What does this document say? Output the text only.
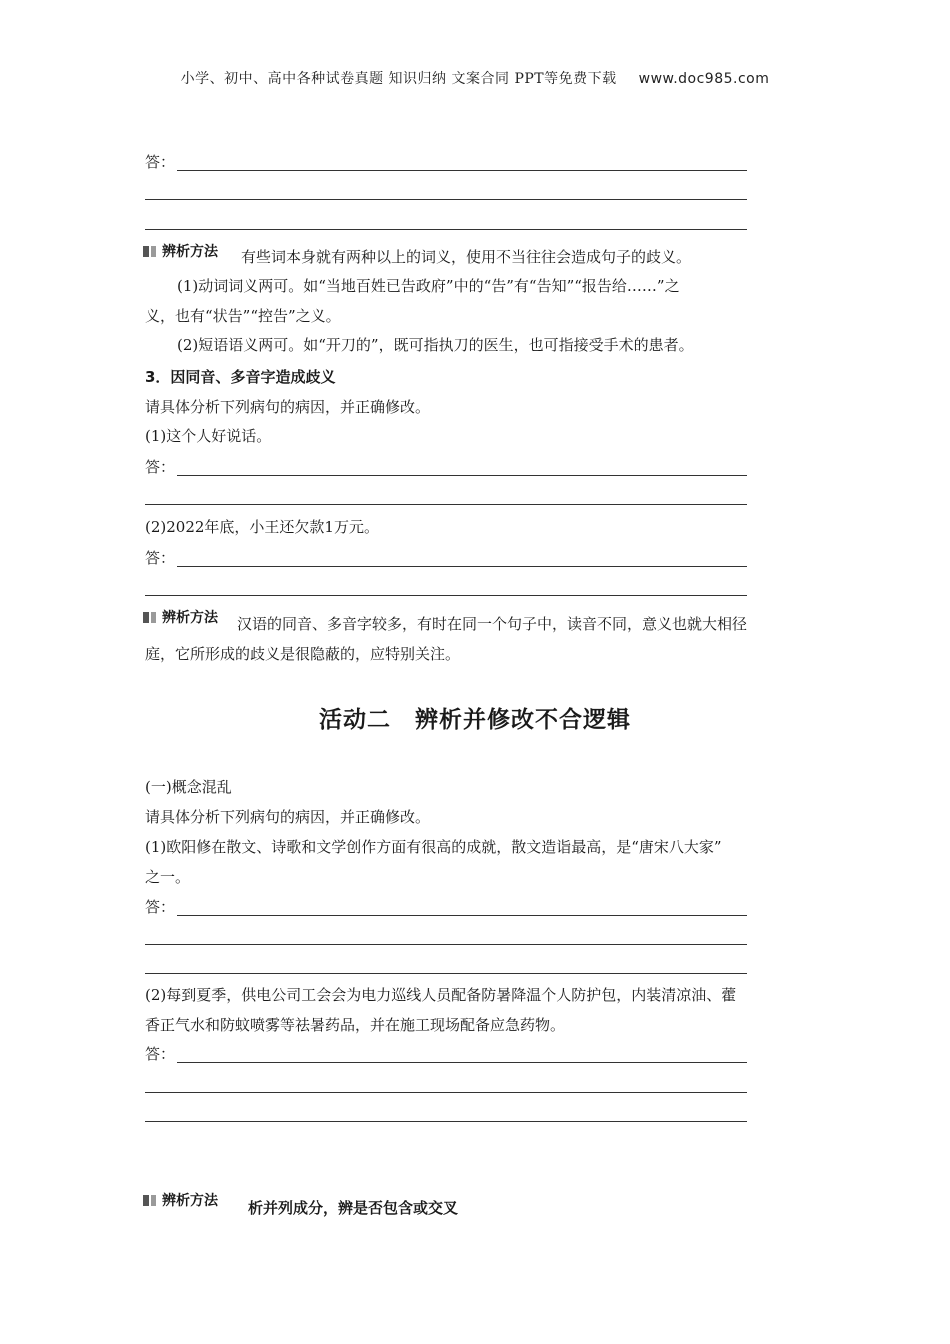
小学、初中、高中各种试卷真题 知识归纳 文案合同 PPT等免费下载 www.doc985.com
答：
辨析方法 有些词本身就有两种以上的词义，使用不当往往会造成句子的歧义。
(1)动词词义两可。如“当地百姓已告政府”中的“告”有“告知”“报告给……”之
义，也有“状告”“控告”之义。
(2)短语语义两可。如“开刀的”，既可指执刀的医生，也可指接受手术的患者。
3．因同音、多音字造成歧义
请具体分析下列病句的病因，并正确修改。
(1)这个人好说话。
答：
(2)2022年底，小王还欠款1万元。
答：
辨析方法 汉语的同音、多音字较多，有时在同一个句子中，读音不同，意义也就大相径
庭，它所形成的歧义是很隐蔽的，应特别关注。
活动二　辨析并修改不合逻辑
(一)概念混乱
请具体分析下列病句的病因，并正确修改。
(1)欧阳修在散文、诗歌和文学创作方面有很高的成就，散文造诣最高，是“唐宋八大家”
之一。
答：
(2)每到夏季，供电公司工会会为电力巡线人员配备防暑降温个人防护包，内装清凉油、藿
香正气水和防蚊喷雾等祛暑药品，并在施工现场配备应急药物。
答：
辨析方法 析并列成分，辨是否包含或交叉
